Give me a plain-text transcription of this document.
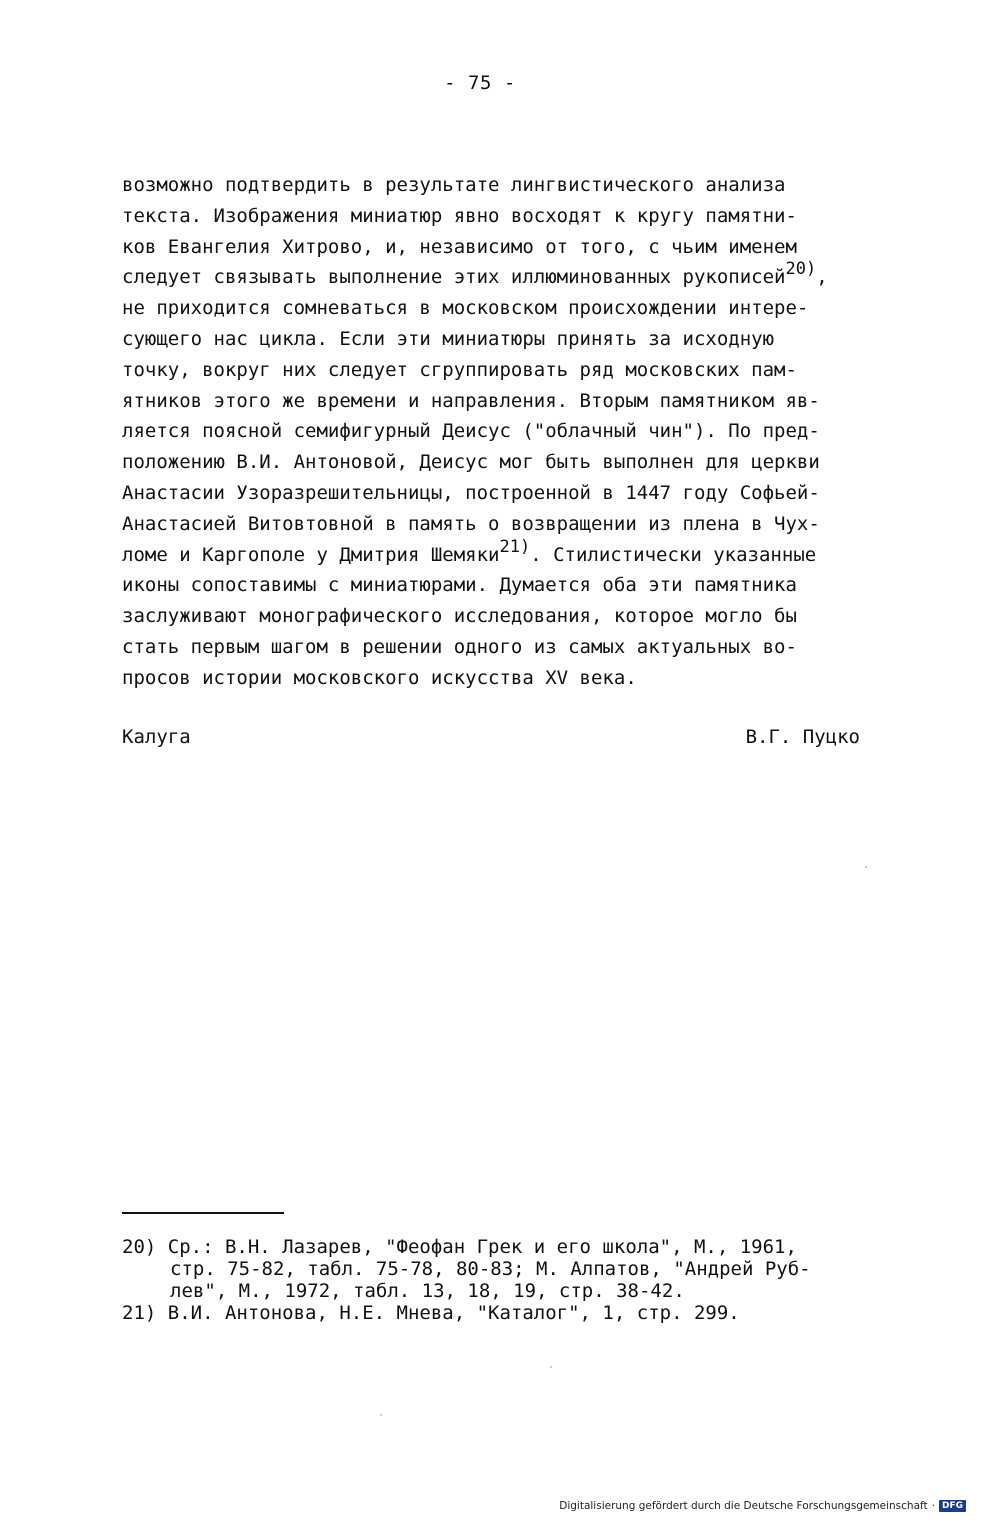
- 75 -
возможно подтвердить в результате лингвистического анализа
текста. Изображения миниатюр явно восходят к кругу памятни-
ков Евангелия Хитрово, и, независимо от того, с чьим именем
следует связывать выполнение этих иллюминованных рукописей$^{20)}$,
не приходится сомневаться в московском происхождении интере-
сующего нас цикла. Если эти миниатюры принять за исходную
точку, вокруг них следует сгруппировать ряд московских пам-
ятников этого же времени и направления. Вторым памятником яв-
ляется поясной семифигурный Деисус ("облачный чин"). По пред-
положению В.И. Антоновой, Деисус мог быть выполнен для церкви
Анастасии Узоразрешительницы, построенной в 1447 году Софьей-
Анастасией Витовтовной в память о возвращении из плена в Чух-
ломе и Каргополе у Дмитрия Шемяки$^{21)}$. Стилистически указанные
иконы сопоставимы с миниатюрами. Думается оба эти памятника
заслуживают монографического исследования, которое могло бы
стать первым шагом в решении одного из самых актуальных во-
просов истории московского искусства XV века.
Калуга	В.Г. Пуцко
20) Ср.: В.Н. Лазарев, "Феофан Грек и его школа", М., 1961,
стр. 75-82, табл. 75-78, 80-83; М. Алпатов, "Андрей Руб-
лев", М., 1972, табл. 13, 18, 19, стр. 38-42.
21) В.И. Антонова, Н.Е. Мнева, "Каталог", 1, стр. 299.
Digitalisierung gefördert durch die Deutsche Forschungsgemeinschaft · DFG
